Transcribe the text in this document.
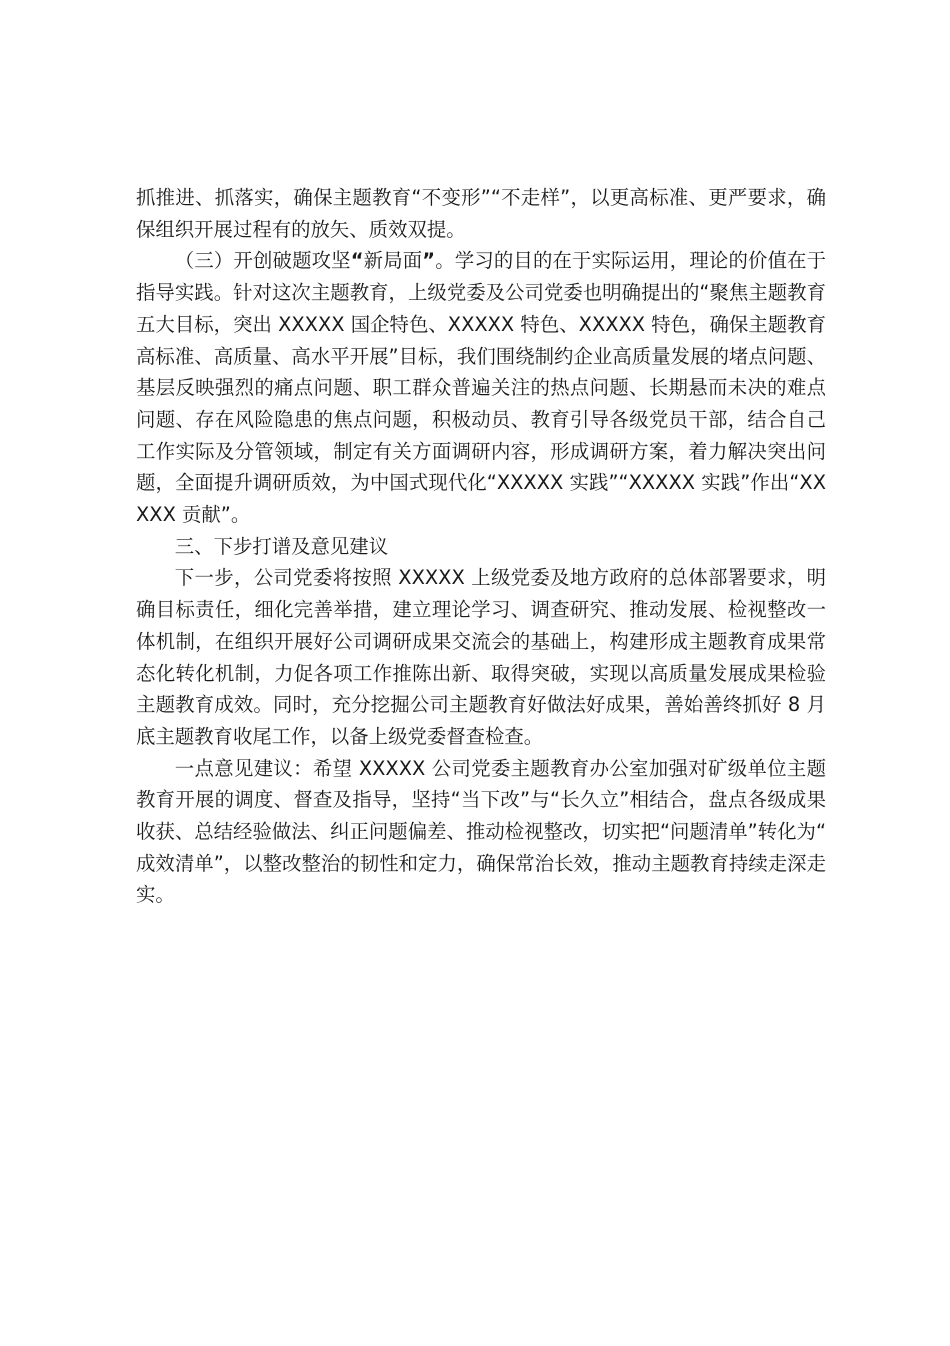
抓推进、抓落实，确保主题教育“不变形”“不走样”，以更高标准、更严要求，确保组织开展过程有的放矢、质效双提。

（三）开创破题攻坚“新局面”。学习的目的在于实际运用，理论的价值在于指导实践。针对这次主题教育，上级党委及公司党委也明确提出的“聚焦主题教育五大目标，突出 XXXXX 国企特色、XXXXX 特色、XXXXX 特色，确保主题教育高标准、高质量、高水平开展”目标，我们围绕制约企业高质量发展的堵点问题、基层反映强烈的痛点问题、职工群众普遍关注的热点问题、长期悬而未决的难点问题、存在风险隐患的焦点问题，积极动员、教育引导各级党员干部，结合自己工作实际及分管领域，制定有关方面调研内容，形成调研方案，着力解决突出问题，全面提升调研质效，为中国式现代化“XXXXX 实践”“XXXXX 实践”作出“XXXXX 贡献”。

三、下步打谱及意见建议

下一步，公司党委将按照 XXXXX 上级党委及地方政府的总体部署要求，明确目标责任，细化完善举措，建立理论学习、调查研究、推动发展、检视整改一体机制，在组织开展好公司调研成果交流会的基础上，构建形成主题教育成果常态化转化机制，力促各项工作推陈出新、取得突破，实现以高质量发展成果检验主题教育成效。同时，充分挖掘公司主题教育好做法好成果，善始善终抓好 8 月底主题教育收尾工作，以备上级党委督查检查。

一点意见建议：希望 XXXXX 公司党委主题教育办公室加强对矿级单位主题教育开展的调度、督查及指导，坚持“当下改”与“长久立”相结合，盘点各级成果收获、总结经验做法、纠正问题偏差、推动检视整改，切实把“问题清单”转化为“成效清单”，以整改整治的韧性和定力，确保常治长效，推动主题教育持续走深走实。
